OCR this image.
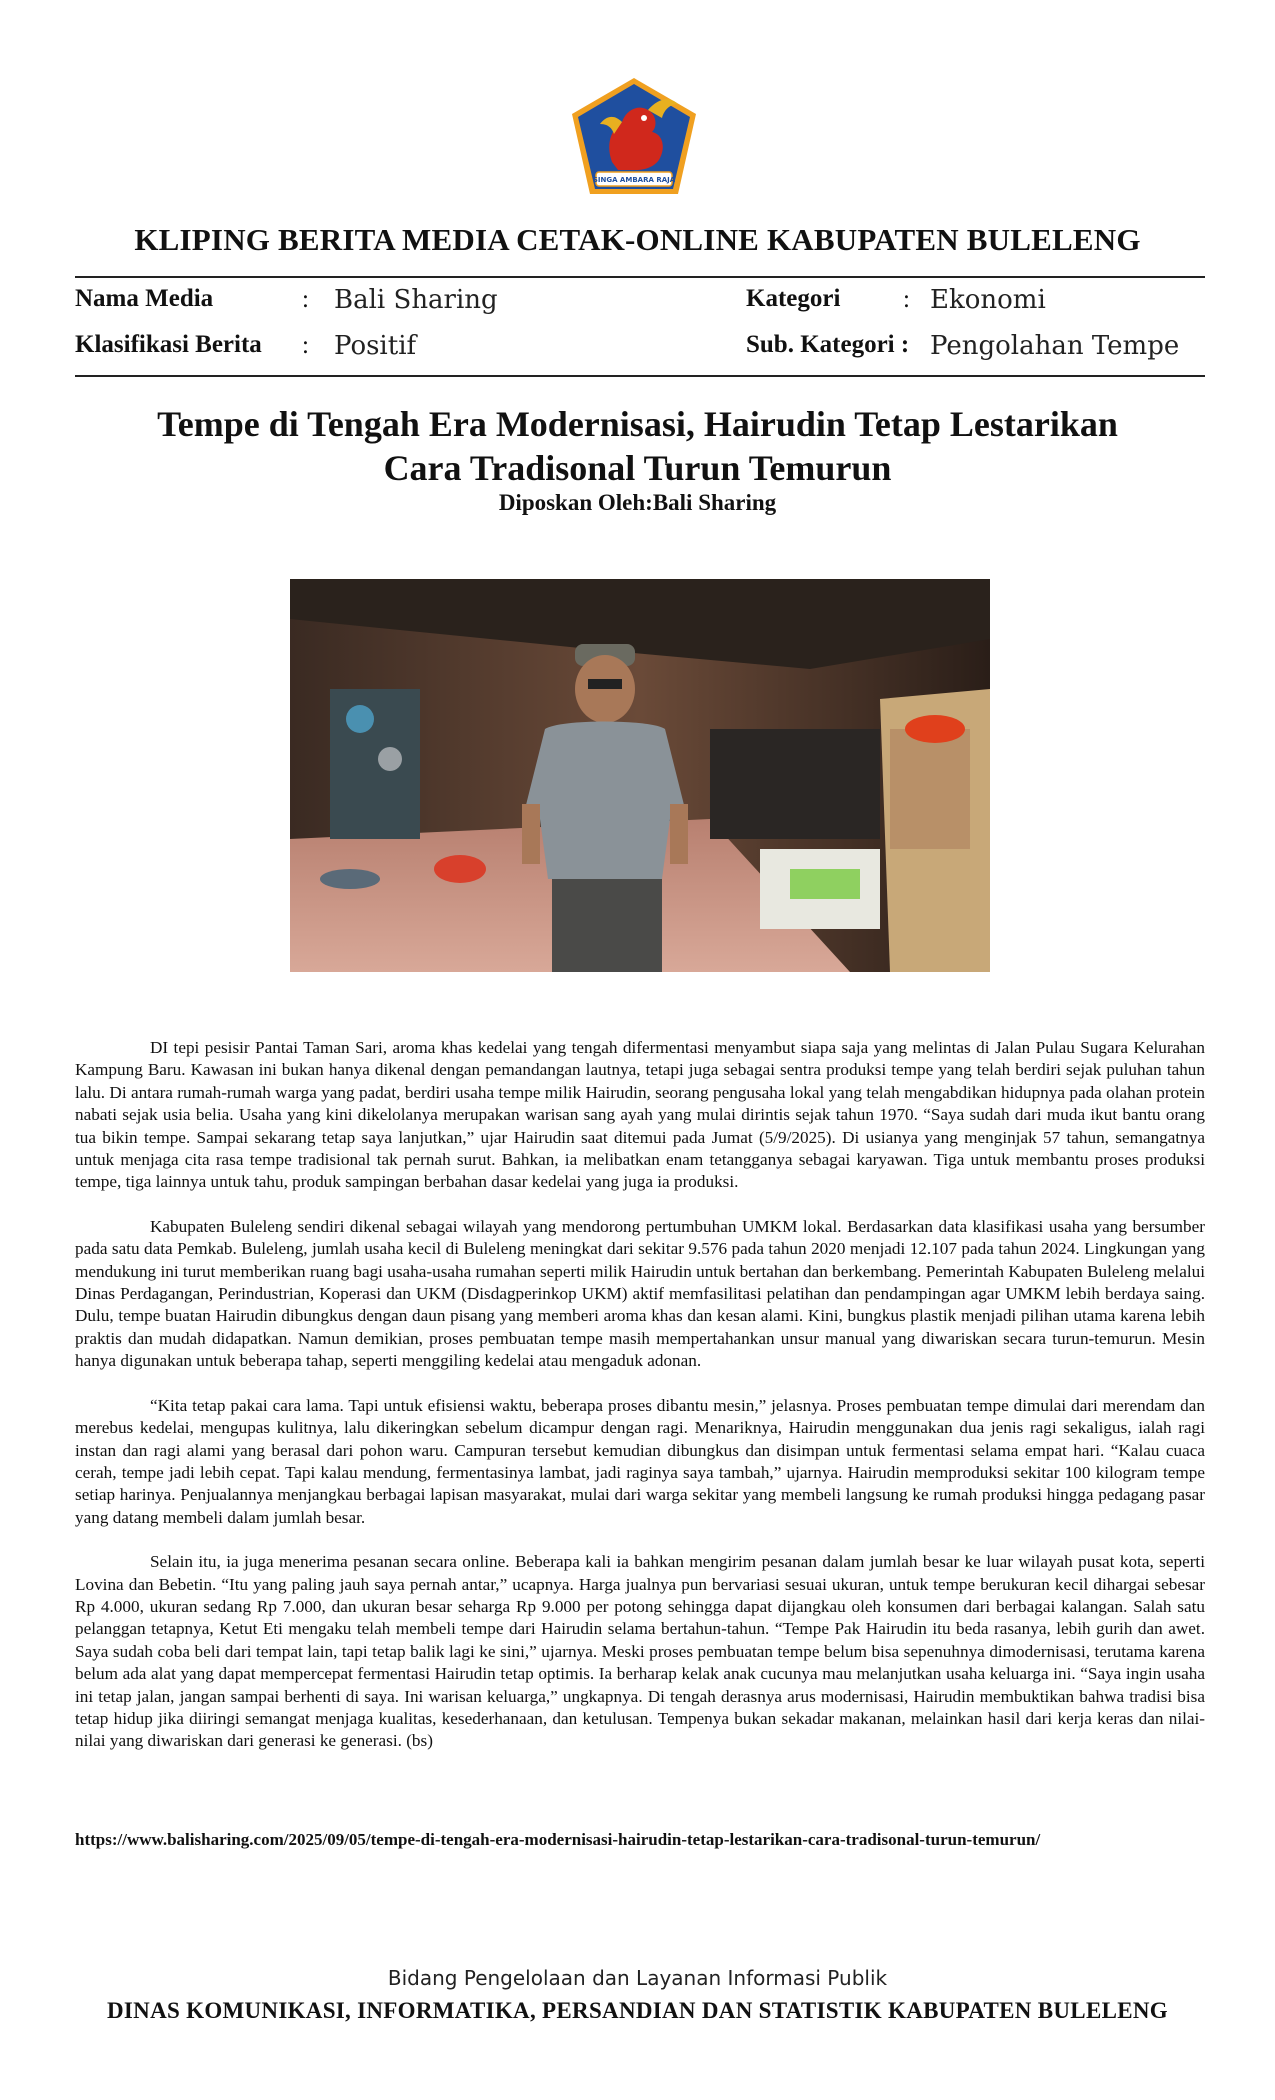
SINGA AMBARA RAJA
KLIPING BERITA MEDIA CETAK-ONLINE KABUPATEN BULELENG
Nama Media	: Bali Sharing
Klasifikasi Berita : Positif
Kategori	: Ekonomi
Sub. Kategori : Pengolahan Tempe
Tempe di Tengah Era Modernisasi, Hairudin Tetap Lestarikan
Cara Tradisonal Turun Temurun
Diposkan Oleh:Bali Sharing

DI tepi pesisir Pantai Taman Sari, aroma khas kedelai yang tengah difermentasi menyambut siapa saja yang melintas di Jalan Pulau Sugara Kelurahan Kampung Baru. Kawasan ini bukan hanya dikenal dengan pemandangan lautnya, tetapi juga sebagai sentra produksi tempe yang telah berdiri sejak puluhan tahun lalu. Di antara rumah-rumah warga yang padat, berdiri usaha tempe milik Hairudin, seorang pengusaha lokal yang telah mengabdikan hidupnya pada olahan protein nabati sejak usia belia. Usaha yang kini dikelolanya merupakan warisan sang ayah yang mulai dirintis sejak tahun 1970. “Saya sudah dari muda ikut bantu orang tua bikin tempe. Sampai sekarang tetap saya lanjutkan,” ujar Hairudin saat ditemui pada Jumat (5/9/2025). Di usianya yang menginjak 57 tahun, semangatnya untuk menjaga cita rasa tempe tradisional tak pernah surut. Bahkan, ia melibatkan enam tetangganya sebagai karyawan. Tiga untuk membantu proses produksi tempe, tiga lainnya untuk tahu, produk sampingan berbahan dasar kedelai yang juga ia produksi.

Kabupaten Buleleng sendiri dikenal sebagai wilayah yang mendorong pertumbuhan UMKM lokal. Berdasarkan data klasifikasi usaha yang bersumber pada satu data Pemkab. Buleleng, jumlah usaha kecil di Buleleng meningkat dari sekitar 9.576 pada tahun 2020 menjadi 12.107 pada tahun 2024. Lingkungan yang mendukung ini turut memberikan ruang bagi usaha-usaha rumahan seperti milik Hairudin untuk bertahan dan berkembang. Pemerintah Kabupaten Buleleng melalui Dinas Perdagangan, Perindustrian, Koperasi dan UKM (Disdagperinkop UKM) aktif memfasilitasi pelatihan dan pendampingan agar UMKM lebih berdaya saing. Dulu, tempe buatan Hairudin dibungkus dengan daun pisang yang memberi aroma khas dan kesan alami. Kini, bungkus plastik menjadi pilihan utama karena lebih praktis dan mudah didapatkan. Namun demikian, proses pembuatan tempe masih mempertahankan unsur manual yang diwariskan secara turun-temurun. Mesin hanya digunakan untuk beberapa tahap, seperti menggiling kedelai atau mengaduk adonan.

“Kita tetap pakai cara lama. Tapi untuk efisiensi waktu, beberapa proses dibantu mesin,” jelasnya. Proses pembuatan tempe dimulai dari merendam dan merebus kedelai, mengupas kulitnya, lalu dikeringkan sebelum dicampur dengan ragi. Menariknya, Hairudin menggunakan dua jenis ragi sekaligus, ialah ragi instan dan ragi alami yang berasal dari pohon waru. Campuran tersebut kemudian dibungkus dan disimpan untuk fermentasi selama empat hari. “Kalau cuaca cerah, tempe jadi lebih cepat. Tapi kalau mendung, fermentasinya lambat, jadi raginya saya tambah,” ujarnya. Hairudin memproduksi sekitar 100 kilogram tempe setiap harinya. Penjualannya menjangkau berbagai lapisan masyarakat, mulai dari warga sekitar yang membeli langsung ke rumah produksi hingga pedagang pasar yang datang membeli dalam jumlah besar.

Selain itu, ia juga menerima pesanan secara online. Beberapa kali ia bahkan mengirim pesanan dalam jumlah besar ke luar wilayah pusat kota, seperti Lovina dan Bebetin. “Itu yang paling jauh saya pernah antar,” ucapnya. Harga jualnya pun bervariasi sesuai ukuran, untuk tempe berukuran kecil dihargai sebesar Rp 4.000, ukuran sedang Rp 7.000, dan ukuran besar seharga Rp 9.000 per potong sehingga dapat dijangkau oleh konsumen dari berbagai kalangan. Salah satu pelanggan tetapnya, Ketut Eti mengaku telah membeli tempe dari Hairudin selama bertahun-tahun. “Tempe Pak Hairudin itu beda rasanya, lebih gurih dan awet. Saya sudah coba beli dari tempat lain, tapi tetap balik lagi ke sini,” ujarnya. Meski proses pembuatan tempe belum bisa sepenuhnya dimodernisasi, terutama karena belum ada alat yang dapat mempercepat fermentasi Hairudin tetap optimis. Ia berharap kelak anak cucunya mau melanjutkan usaha keluarga ini. “Saya ingin usaha ini tetap jalan, jangan sampai berhenti di saya. Ini warisan keluarga,” ungkapnya. Di tengah derasnya arus modernisasi, Hairudin membuktikan bahwa tradisi bisa tetap hidup jika diiringi semangat menjaga kualitas, kesederhanaan, dan ketulusan. Tempenya bukan sekadar makanan, melainkan hasil dari kerja keras dan nilai-nilai yang diwariskan dari generasi ke generasi. (bs)

https://www.balisharing.com/2025/09/05/tempe-di-tengah-era-modernisasi-hairudin-tetap-lestarikan-cara-tradisonal-turun-temurun/
Bidang Pengelolaan dan Layanan Informasi Publik
DINAS KOMUNIKASI, INFORMATIKA, PERSANDIAN DAN STATISTIK KABUPATEN BULELENG
